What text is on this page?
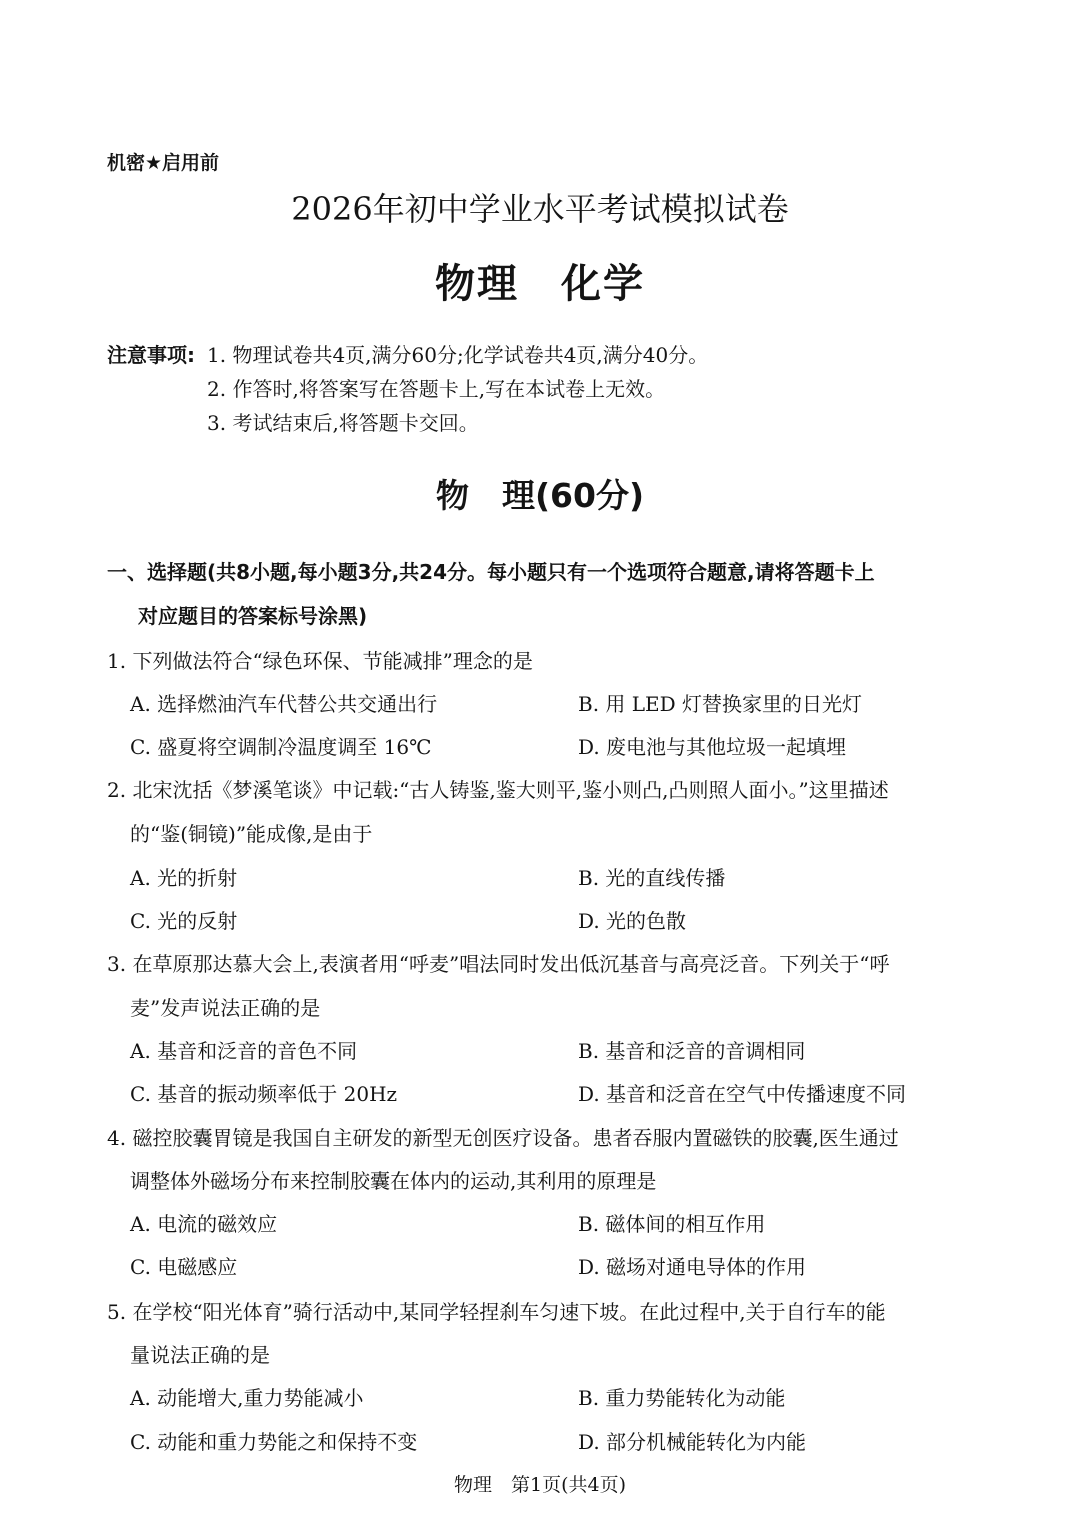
机密★启用前
2026年初中学业水平考试模拟试卷
物理　化学
注意事项: 1. 物理试卷共4页,满分60分;化学试卷共4页,满分40分。
2. 作答时,将答案写在答题卡上,写在本试卷上无效。
3. 考试结束后,将答题卡交回。
物　理(60分)
一、选择题(共8小题,每小题3分,共24分。每小题只有一个选项符合题意,请将答题卡上
对应题目的答案标号涂黑)
1. 下列做法符合“绿色环保、节能减排”理念的是
A. 选择燃油汽车代替公共交通出行	B. 用 LED 灯替换家里的日光灯
C. 盛夏将空调制冷温度调至 16℃	D. 废电池与其他垃圾一起填埋
2. 北宋沈括《梦溪笔谈》中记载:“古人铸鉴,鉴大则平,鉴小则凸,凸则照人面小。”这里描述
的“鉴(铜镜)”能成像,是由于
A. 光的折射	B. 光的直线传播
C. 光的反射	D. 光的色散
3. 在草原那达慕大会上,表演者用“呼麦”唱法同时发出低沉基音与高亮泛音。下列关于“呼
麦”发声说法正确的是
A. 基音和泛音的音色不同	B. 基音和泛音的音调相同
C. 基音的振动频率低于 20Hz	D. 基音和泛音在空气中传播速度不同
4. 磁控胶囊胃镜是我国自主研发的新型无创医疗设备。患者吞服内置磁铁的胶囊,医生通过
调整体外磁场分布来控制胶囊在体内的运动,其利用的原理是
A. 电流的磁效应	B. 磁体间的相互作用
C. 电磁感应	D. 磁场对通电导体的作用
5. 在学校“阳光体育”骑行活动中,某同学轻捏刹车匀速下坡。在此过程中,关于自行车的能
量说法正确的是
A. 动能增大,重力势能减小	B. 重力势能转化为动能
C. 动能和重力势能之和保持不变	D. 部分机械能转化为内能
物理　第1页(共4页)
